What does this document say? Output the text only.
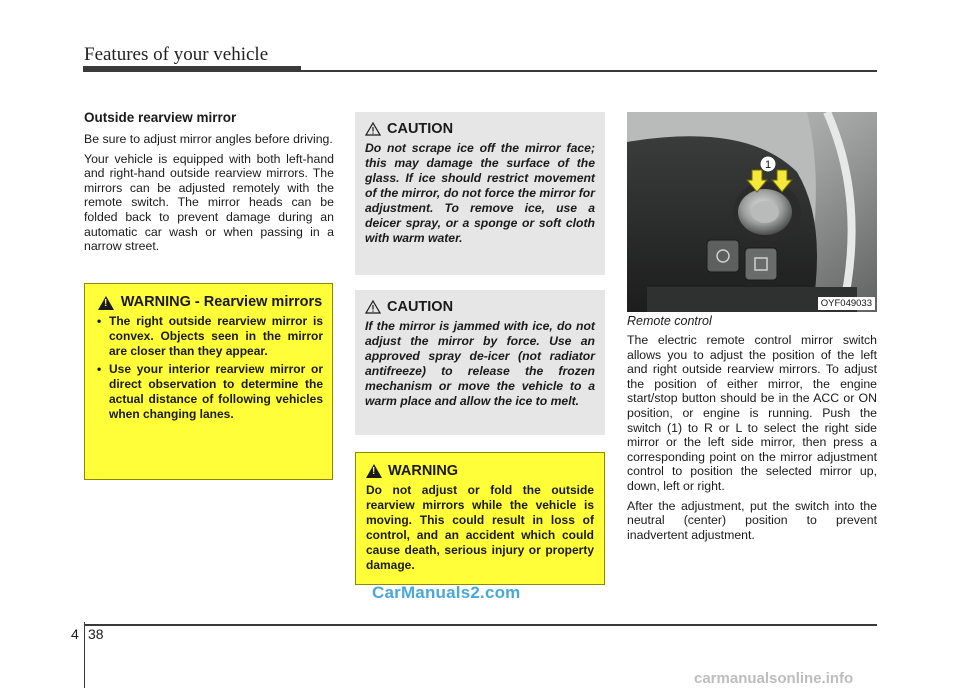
Features of your vehicle
Outside rearview mirror

Be sure to adjust mirror angles before driving.

Your vehicle is equipped with both left-hand and right-hand outside rearview mirrors. The mirrors can be adjusted remotely with the remote switch. The mirror heads can be folded back to prevent damage during an automatic car wash or when passing in a narrow street.

!
WARNING - Rearview mirrors
• The right outside rearview mirror is convex. Objects seen in the mirror are closer than they appear.
• Use your interior rearview mirror or direct observation to determine the actual distance of following vehicles when changing lanes.
CAUTION

Do not scrape ice off the mirror face; this may damage the surface of the glass. If ice should restrict movement of the mirror, do not force the mirror for adjustment. To remove ice, use a deicer spray, or a sponge or soft cloth with warm water.

CAUTION

If the mirror is jammed with ice, do not adjust the mirror by force. Use an approved spray de-icer (not radiator antifreeze) to release the frozen mechanism or move the vehicle to a warm place and allow the ice to melt.

!
WARNING

Do not adjust or fold the outside rearview mirrors while the vehicle is moving. This could result in loss of control, and an accident which could cause death, serious injury or property damage.

1
OYF049033
Remote control

The electric remote control mirror switch allows you to adjust the position of the left and right outside rearview mirrors. To adjust the position of either mirror, the engine start/stop button should be in the ACC or ON position, or engine is running. Push the switch (1) to R or L to select the right side mirror or the left side mirror, then press a corresponding point on the mirror adjustment control to position the selected mirror up, down, left or right.

After the adjustment, put the switch into the neutral (center) position to prevent inadvertent adjustment.

CarManuals2.com
4 38
carmanualsonline.info
